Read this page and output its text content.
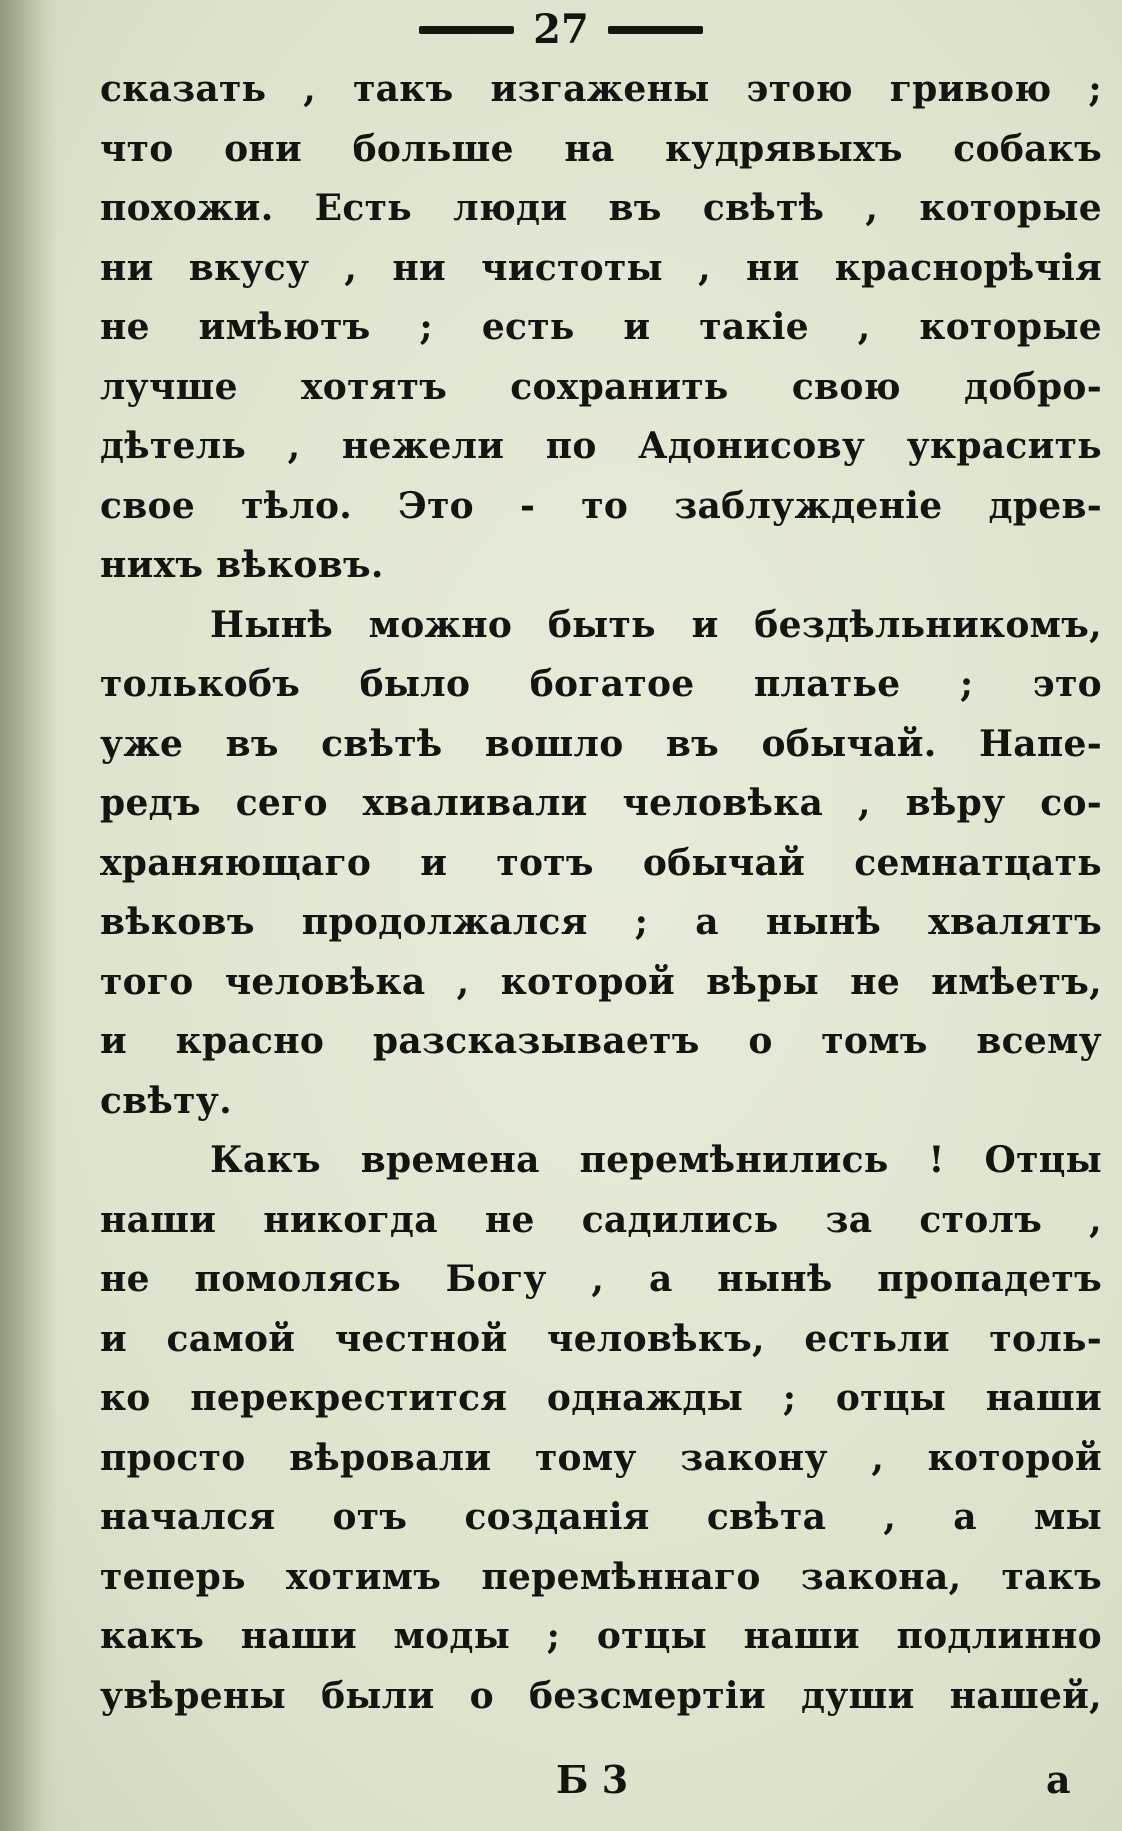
27
сказать , такъ изгажены этою гривою ;
что они больше на кудрявыхъ собакъ
похожи. Есть люди въ свѣтѣ , которые
ни вкусу , ни чистоты , ни краснорѣчія
не имѣютъ ; есть и такіе , которые
лучше хотятъ сохранить свою добро-
дѣтель , нежели по Адонисову украсить
свое тѣло. Это - то заблужденіе древ-
нихъ вѣковъ.
Нынѣ можно быть и бездѣльникомъ,
толькобъ было богатое платье ; это
уже въ свѣтѣ вошло въ обычай. Напе-
редъ сего хваливали человѣка , вѣру со-
храняющаго и тотъ обычай семнатцать
вѣковъ продолжался ; а нынѣ хвалятъ
того человѣка , которой вѣры не имѣетъ,
и красно разсказываетъ о томъ всему
свѣту.
Какъ времена перемѣнились ! Отцы
наши никогда не садились за столъ ,
не помолясь Богу , а нынѣ пропадетъ
и самой честной человѣкъ, естьли толь-
ко перекрестится однажды ; отцы наши
просто вѣровали тому закону , которой
начался отъ созданія свѣта , а мы
теперь хотимъ перемѣннаго закона, такъ
какъ наши моды ; отцы наши подлинно
увѣрены были о безсмертіи души нашей,
Б 3	а
